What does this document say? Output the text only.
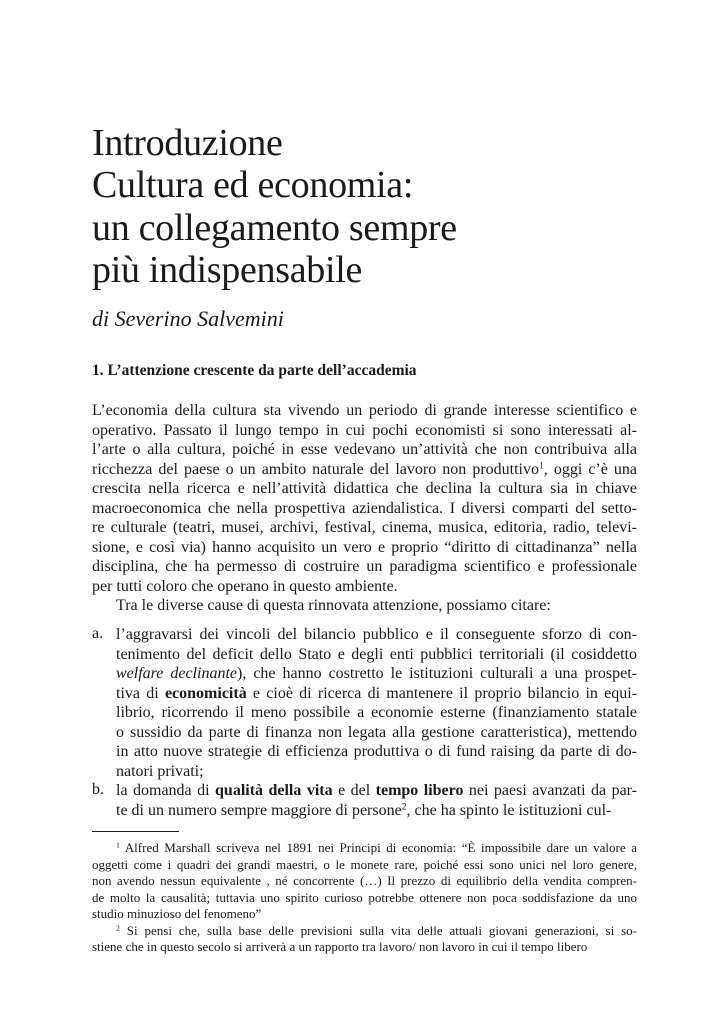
Introduzione
Cultura ed economia:
un collegamento sempre
più indispensabile
di Severino Salvemini
1. L’attenzione crescente da parte dell’accademia
L’economia della cultura sta vivendo un periodo di grande interesse scientifico e
operativo. Passato il lungo tempo in cui pochi economisti si sono interessati al-
l’arte o alla cultura, poiché in esse vedevano un’attività che non contribuiva alla
ricchezza del paese o un ambito naturale del lavoro non produttivo$^1$, oggi c’è una
crescita nella ricerca e nell’attività didattica che declina la cultura sia in chiave
macroeconomica che nella prospettiva aziendalistica. I diversi comparti del setto-
re culturale (teatri, musei, archivi, festival, cinema, musica, editoria, radio, televi-
sione, e così via) hanno acquisito un vero e proprio “diritto di cittadinanza” nella
disciplina, che ha permesso di costruire un paradigma scientifico e professionale
per tutti coloro che operano in questo ambiente.
Tra le diverse cause di questa rinnovata attenzione, possiamo citare:
a. l’aggravarsi dei vincoli del bilancio pubblico e il conseguente sforzo di con-
tenimento del deficit dello Stato e degli enti pubblici territoriali (il cosiddetto
welfare declinante), che hanno costretto le istituzioni culturali a una prospet-
tiva di economicità e cioè di ricerca di mantenere il proprio bilancio in equi-
librio, ricorrendo il meno possibile a economie esterne (finanziamento statale
o sussidio da parte di finanza non legata alla gestione caratteristica), mettendo
in atto nuove strategie di efficienza produttiva o di fund raising da parte di do-
natori privati;
b. la domanda di qualità della vita e del tempo libero nei paesi avanzati da par-
te di un numero sempre maggiore di persone$^2$, che ha spinto le istituzioni cul-
$^1$ Alfred Marshall scriveva nel 1891 nei Principi di economia: “È impossibile dare un valore a
oggetti come i quadri dei grandi maestri, o le monete rare, poiché essi sono unici nel loro genere,
non avendo nessun equivalente , né concorrente (…) Il prezzo di equilibrio della vendita compren-
de molto la causalità; tuttavia uno spirito curioso potrebbe ottenere non poca soddisfazione da uno
studio minuzioso del fenomeno”
$^2$ Si pensi che, sulla base delle previsioni sulla vita delle attuali giovani generazioni, si so-
stiene che in questo secolo si arriverà a un rapporto tra lavoro/ non lavoro in cui il tempo libero
